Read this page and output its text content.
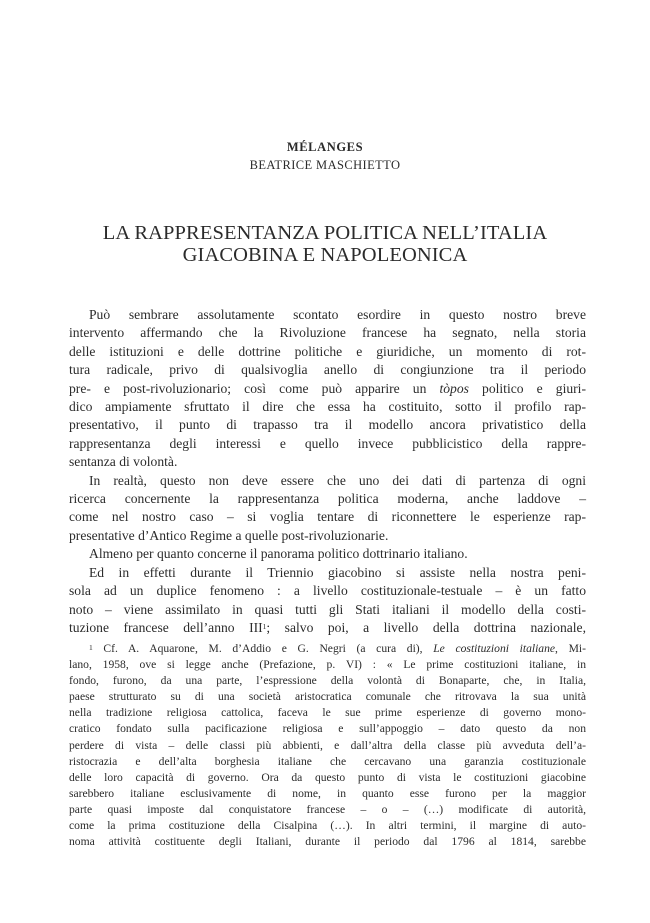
MÉLANGES
BEATRICE MASCHIETTO
LA RAPPRESENTANZA POLITICA NELL’ITALIA
GIACOBINA E NAPOLEONICA
Può sembrare assolutamente scontato esordire in questo nostro breve
intervento affermando che la Rivoluzione francese ha segnato, nella storia
delle istituzioni e delle dottrine politiche e giuridiche, un momento di rot-
tura radicale, privo di qualsivoglia anello di congiunzione tra il periodo
pre- e post-rivoluzionario; così come può apparire un tòpos politico e giuri-
dico ampiamente sfruttato il dire che essa ha costituito, sotto il profilo rap-
presentativo, il punto di trapasso tra il modello ancora privatistico della
rappresentanza degli interessi e quello invece pubblicistico della rappre-
sentanza di volontà.
In realtà, questo non deve essere che uno dei dati di partenza di ogni
ricerca concernente la rappresentanza politica moderna, anche laddove –
come nel nostro caso – si voglia tentare di riconnettere le esperienze rap-
presentative d’Antico Regime a quelle post-rivoluzionarie.
Almeno per quanto concerne il panorama politico dottrinario italiano.
Ed in effetti durante il Triennio giacobino si assiste nella nostra peni-
sola ad un duplice fenomeno : a livello costituzionale-testuale – è un fatto
noto – viene assimilato in quasi tutti gli Stati italiani il modello della costi-
tuzione francese dell’anno III$^1$; salvo poi, a livello della dottrina nazionale,
$^1$ Cf. A. Aquarone, M. d’Addio e G. Negri (a cura di), Le costituzioni italiane, Mi-
lano, 1958, ove si legge anche (Prefazione, p. VI) : « Le prime costituzioni italiane, in
fondo, furono, da una parte, l’espressione della volontà di Bonaparte, che, in Italia,
paese strutturato su di una società aristocratica comunale che ritrovava la sua unità
nella tradizione religiosa cattolica, faceva le sue prime esperienze di governo mono-
cratico fondato sulla pacificazione religiosa e sull’appoggio – dato questo da non
perdere di vista – delle classi più abbienti, e dall’altra della classe più avveduta dell’a-
ristocrazia e dell’alta borghesia italiane che cercavano una garanzia costituzionale
delle loro capacità di governo. Ora da questo punto di vista le costituzioni giacobine
sarebbero italiane esclusivamente di nome, in quanto esse furono per la maggior
parte quasi imposte dal conquistatore francese – o – (…) modificate di autorità,
come la prima costituzione della Cisalpina (…). In altri termini, il margine di auto-
noma attività costituente degli Italiani, durante il periodo dal 1796 al 1814, sarebbe
